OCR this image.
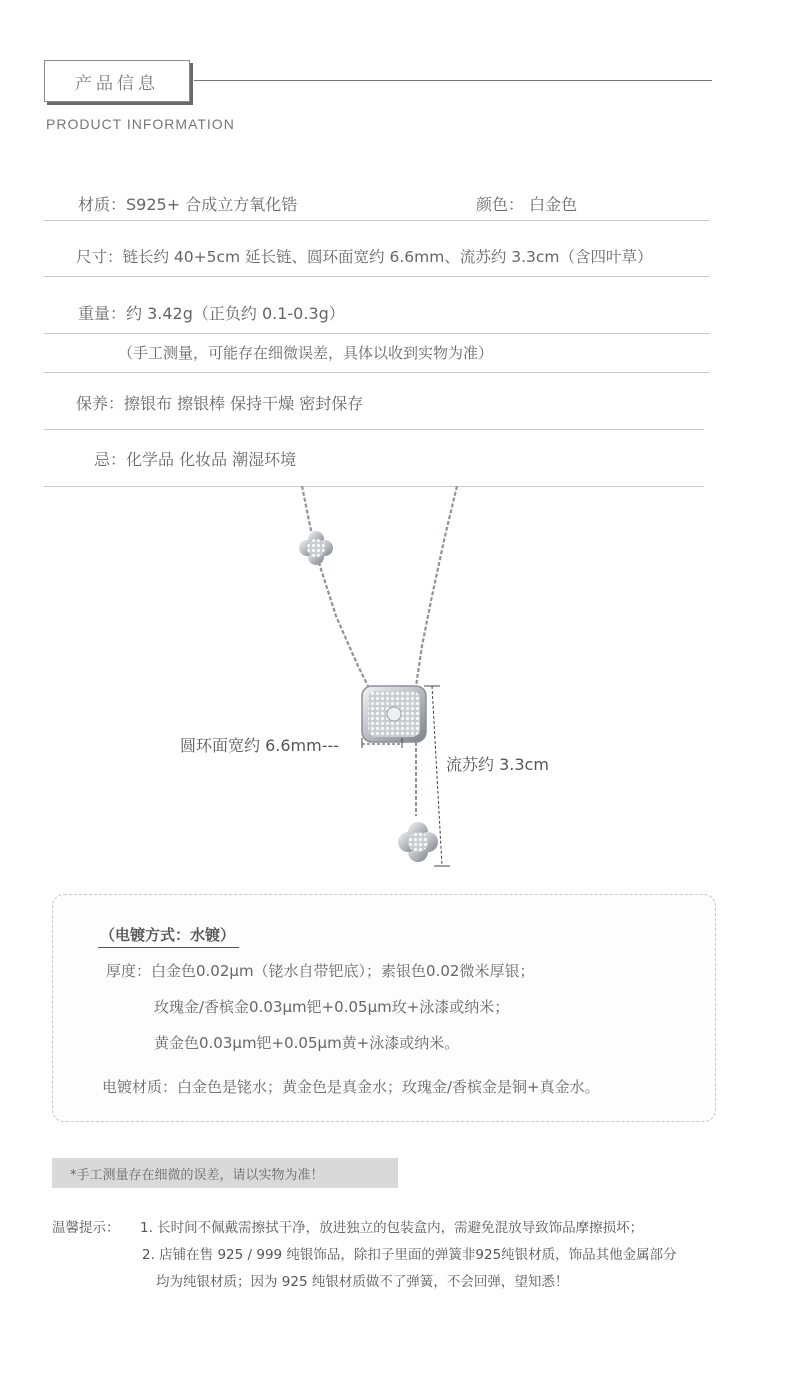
产品信息
PRODUCT INFORMATION
材质：S925+ 合成立方氧化锆	颜色： 白金色
尺寸：链长约 40+5cm 延长链、圆环面宽约 6.6mm、流苏约 3.3cm（含四叶草）
重量：约 3.42g（正负约 0.1-0.3g）
（手工测量，可能存在细微误差，具体以收到实物为准）
保养：擦银布 擦银棒 保持干燥 密封保存
忌：化学品 化妆品 潮湿环境
圆环面宽约 6.6mm---
流苏约 3.3cm
（电镀方式：水镀）
厚度：白金色0.02μm（铑水自带钯底）；素银色0.02微米厚银；
玫瑰金/香槟金0.03μm钯+0.05μm玫+泳漆或纳米；
黄金色0.03μm钯+0.05μm黄+泳漆或纳米。
电镀材质：白金色是铑水；黄金色是真金水；玫瑰金/香槟金是铜+真金水。
*手工测量存在细微的误差，请以实物为准！
温馨提示： 1. 长时间不佩戴需擦拭干净，放进独立的包装盒内，需避免混放导致饰品摩擦损坏；
2. 店铺在售 925 / 999 纯银饰品，除扣子里面的弹簧非925纯银材质，饰品其他金属部分
均为纯银材质；因为 925 纯银材质做不了弹簧，不会回弹，望知悉！
